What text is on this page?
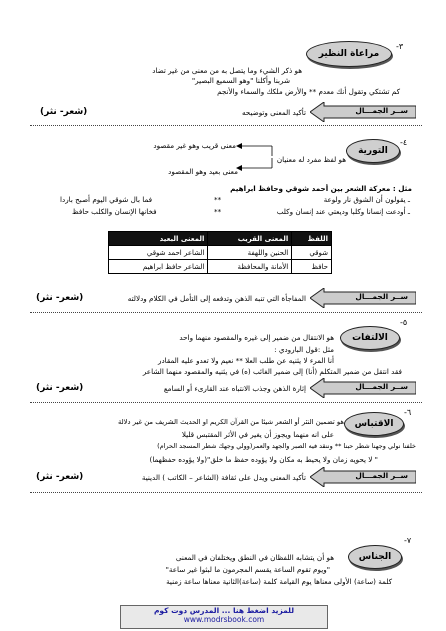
-٣
مراعاة النظير
هو ذكر الشيء وما يتصل به من معنى من غير تضاد
شربنا وأكلنا "وهو السميع البصير"
كم تشتكي وتقول أنك معدم ** والأرض ملكك والسماء والأنجم
ســر الجمـــال
تأكيد المعنى وتوضيحه
(شعر- نثر)
-٤
التورية
هو لفظ مفرد له معنيان
معنى قريب وهو غير مقصود
معنى بعيد وهو المقصود
مثل : معركة الشعر بين أحمد شوقي وحافظ ابراهيم
ـ يقولون أن الشوق نار ولوعة
**
فما بال شوقي اليوم أصبح باردا
ـ أودعت إنسانا وكلبا وديعتي عند إنسان وكلب
**
فخانها الإنسان والكلب حافظ
اللفظ	المعنى القريب	المعنى البعيد
شوقي	الحنين واللهفة	الشاعر احمد شوقي
حافظ	الأمانة والمحافظة	الشاعر حافظ ابراهيم
ســر الجمـــال
المفاجأة التي تنبه الذهن وتدفعه إلى التأمل في الكلام ودلالته
(شعر- نثر)
-٥
الالتفات
هو الانتقال من ضمير إلى غيره والمقصود منهما واحد
مثل :قول البارودي :
أنا المرء لا يثنيه عن طلب العلا ** نعيم ولا تعدو عليه المقادر
فقد انتقل من ضمير المتكلم (أنا) إلى ضمير الغائب (ه) في يثنيه والمقصود منهما الشاعر
ســر الجمـــال
إثارة الذهن وجذب الانتباه عند القارىء أو السامع
(شعر- نثر)
-٦
الاقتباس
هو تضمين النثر أو الشعر شيئا من القرآن الكريم او الحديث الشريف من غير دلالة
على انه منهما ويجوز أن يغير في الأثر المقتبس قليلا
خلفنا نولي وجهنا شطر حبنا ** وننقد فيه الصبر والجهد والعمر(وولي وجهك شطر المسجد الحرام)
" لا يحويه زمان ولا يحيط به مكان ولا يؤوده حفظ ما خلق"(ولا يؤوده حفظهما)
ســر الجمـــال
تأكيد المعنى ويدل على ثقافة (الشاعر – الكاتب ) الدينية
(شعر- نثر)
-٧
الجناس
هو أن يتشابه اللفظان في النطق ويختلفان في المعنى
"ويوم تقوم الساعة يقسم المجرمون ما لبثوا غير ساعة"
كلمة (ساعة) الأولى معناها يوم القيامة كلمة (ساعة)الثانية معناها ساعة زمنية
للمزيد اضغط هنا ... المدرس دوت كوم
www.modrsbook.com
